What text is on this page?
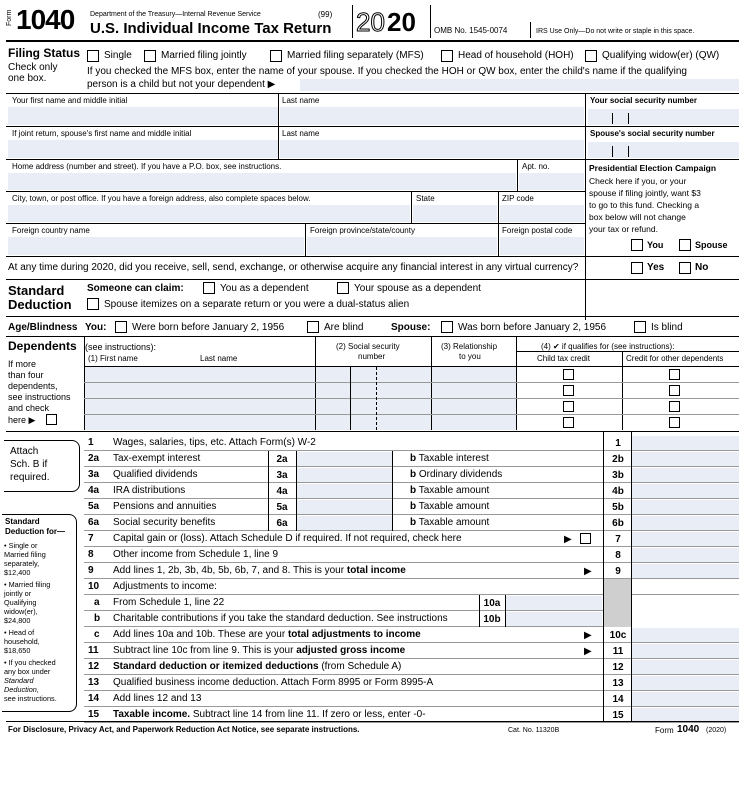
Form 1040 Department of the Treasury—Internal Revenue Service	(99)
U.S. Individual Income Tax Return 20 20 OMB No. 1545-0074	IRS Use Only—Do not write or staple in this space.
Filing Status
Check only
one box.
Single	Married filing jointly	Married filing separately (MFS)	Head of household (HOH)	Qualifying widow(er) (QW)
If you checked the MFS box, enter the name of your spouse. If you checked the HOH or QW box, enter the child's name if the qualifying
person is a child but not your dependent ▶
Your first name and middle initial	Last name	Your social security number
If joint return, spouse's first name and middle initial	Last name	Spouse's social security number
Home address (number and street). If you have a P.O. box, see instructions.	Apt. no.
City, town, or post office. If you have a foreign address, also complete spaces below.	State	ZIP code
Foreign country name	Foreign province/state/county	Foreign postal code
Presidential Election Campaign
Check here if you, or your
spouse if filing jointly, want $3
to go to this fund. Checking a
box below will not change
your tax or refund.
You	Spouse
At any time during 2020, did you receive, sell, send, exchange, or otherwise acquire any financial interest in any virtual currency?	Yes	No
Standard
Deduction
Someone can claim:	You as a dependent	Your spouse as a dependent
Spouse itemizes on a separate return or you were a dual-status alien
Age/Blindness You:	Were born before January 2, 1956	Are blind	Spouse:	Was born before January 2, 1956	Is blind
Dependents (see instructions):
(1) First name	Last name
(2) Social security
number
(3) Relationship
to you
(4) ✔ if qualifies for (see instructions):
Child tax credit	Credit for other dependents
If more
than four
dependents,
see instructions
and check
here ▶
Attach
Sch. B if
required.
Standard
Deduction for—
• Single or
Married filing
separately,
$12,400
• Married filing
jointly or
Qualifying
widow(er),
$24,800
• Head of
household,
$18,650
• If you checked
any box under
Standard
Deduction,
see instructions.
1 Wages, salaries, tips, etc. Attach Form(s) W-2	1
2a Tax-exempt interest	2a	b Taxable interest	2b
3a Qualified dividends	3a	b Ordinary dividends	3b
4a IRA distributions	4a	b Taxable amount	4b
5a Pensions and annuities	5a	b Taxable amount	5b
6a Social security benefits	6a	b Taxable amount	6b
7 Capital gain or (loss). Attach Schedule D if required. If not required, check here	7
▶
8 Other income from Schedule 1, line 9	8
9 Add lines 1, 2b, 3b, 4b, 5b, 6b, 7, and 8. This is your total income	9
▶
10 Adjustments to income:
a From Schedule 1, line 22	10a
b Charitable contributions if you take the standard deduction. See instructions	10b
c Add lines 10a and 10b. These are your total adjustments to income	10c
▶
11 Subtract line 10c from line 9. This is your adjusted gross income	11
▶
12 Standard deduction or itemized deductions (from Schedule A)	12
13 Qualified business income deduction. Attach Form 8995 or Form 8995-A	13
14 Add lines 12 and 13	14
15 Taxable income. Subtract line 14 from line 11. If zero or less, enter -0-	15
For Disclosure, Privacy Act, and Paperwork Reduction Act Notice, see separate instructions.	Cat. No. 11320B	Form 1040 (2020)
